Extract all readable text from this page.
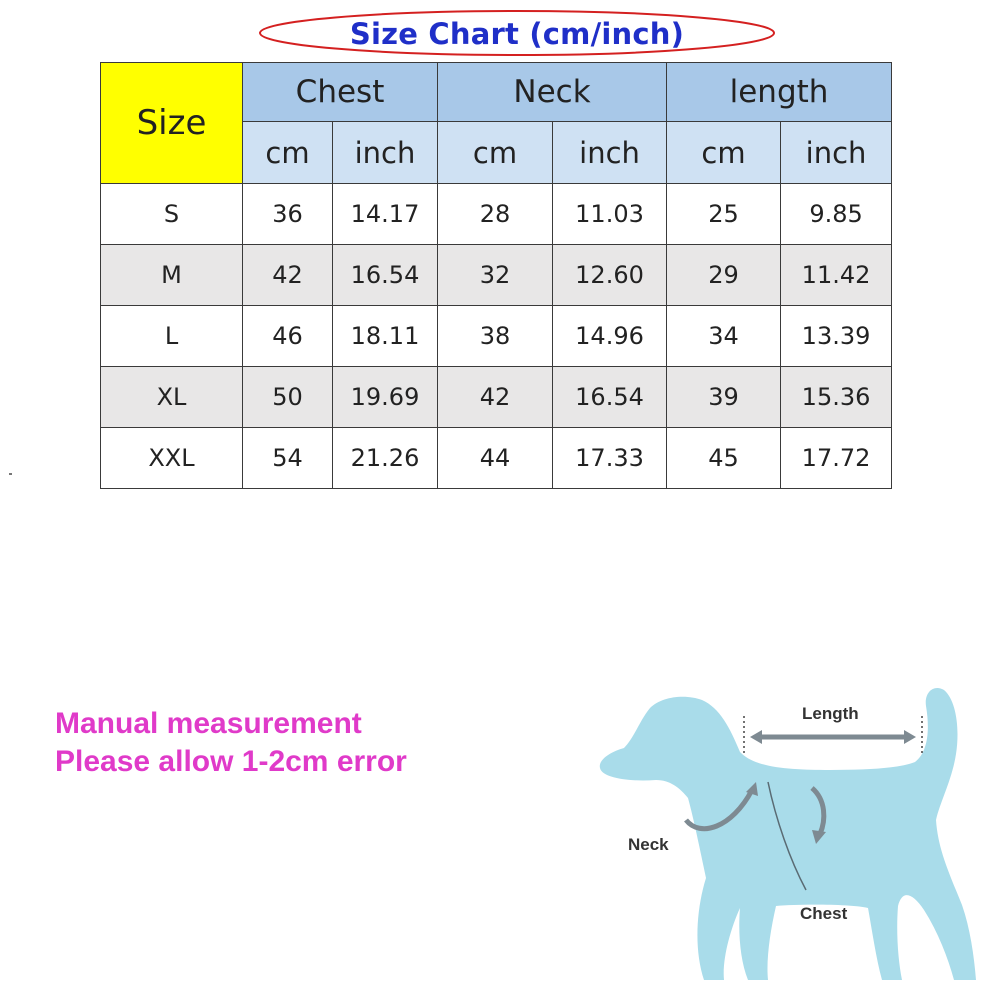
Size Chart (cm/inch)
Size	Chest		Neck		length	
	cm	inch	cm	inch	cm	inch
S	36	14.17	28	11.03	25	9.85
M	42	16.54	32	12.60	29	11.42
L	46	18.11	38	14.96	34	13.39
XL	50	19.69	42	16.54	39	15.36
XXL	54	21.26	44	17.33	45	17.72
Manual measurement
Please allow 1-2cm error
Length
Neck
Chest
